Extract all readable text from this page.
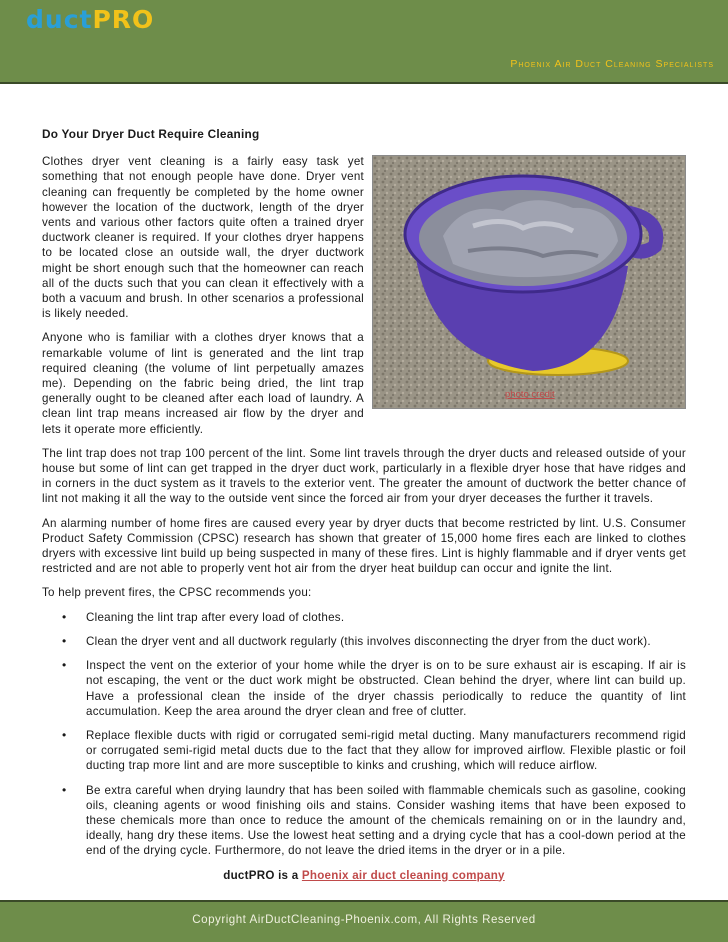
ductPRO
Phoenix Air Duct Cleaning Specialists
Do Your Dryer Duct Require Cleaning

Clothes dryer vent cleaning is a fairly easy task yet something that not enough people have done. Dryer vent cleaning can frequently be completed by the home owner however the location of the ductwork, length of the dryer vents and various other factors quite often a trained dryer ductwork cleaner is required. If your clothes dryer happens to be located close an outside wall, the dryer ductwork might be short enough such that the homeowner can reach all of the ducts such that you can clean it effectively with a both a vacuum and brush. In other scenarios a professional is likely needed.

Anyone who is familiar with a clothes dryer knows that a remarkable volume of lint is generated and the lint trap required cleaning (the volume of lint perpetually amazes me). Depending on the fabric being dried, the lint trap generally ought to be cleaned after each load of laundry. A clean lint trap means increased air flow by the dryer and lets it operate more efficiently.

The lint trap does not trap 100 percent of the lint. Some lint travels through the dryer ducts and released outside of your house but some of lint can get trapped in the dryer duct work, particularly in a flexible dryer hose that have ridges and in corners in the duct system as it travels to the exterior vent. The greater the amount of ductwork the better chance of lint not making it all the way to the outside vent since the forced air from your dryer deceases the further it travels.

An alarming number of home fires are caused every year by dryer ducts that become restricted by lint. U.S. Consumer Product Safety Commission (CPSC) research has shown that greater of 15,000 home fires each are linked to clothes dryers with excessive lint build up being suspected in many of these fires. Lint is highly flammable and if dryer vents get restricted and are not able to properly vent hot air from the dryer heat buildup can occur and ignite the lint.

To help prevent fires, the CPSC recommends you:

• Cleaning the lint trap after every load of clothes.
• Clean the dryer vent and all ductwork regularly (this involves disconnecting the dryer from the duct work).
• Inspect the vent on the exterior of your home while the dryer is on to be sure exhaust air is escaping. If air is not escaping, the vent or the duct work might be obstructed. Clean behind the dryer, where lint can build up. Have a professional clean the inside of the dryer chassis periodically to reduce the quantity of lint accumulation. Keep the area around the dryer clean and free of clutter.
• Replace flexible ducts with rigid or corrugated semi-rigid metal ducting. Many manufacturers recommend rigid or corrugated semi-rigid metal ducts due to the fact that they allow for improved airflow. Flexible plastic or foil ducting trap more lint and are more susceptible to kinks and crushing, which will reduce airflow.
• Be extra careful when drying laundry that has been soiled with flammable chemicals such as gasoline, cooking oils, cleaning agents or wood finishing oils and stains. Consider washing items that have been exposed to these chemicals more than once to reduce the amount of the chemicals remaining on or in the laundry and, ideally, hang dry these items. Use the lowest heat setting and a drying cycle that has a cool-down period at the end of the drying cycle. Furthermore, do not leave the dried items in the dryer or in a pile.
ductPRO is a Phoenix air duct cleaning company
photo credit
Copyright AirDuctCleaning-Phoenix.com, All Rights Reserved
